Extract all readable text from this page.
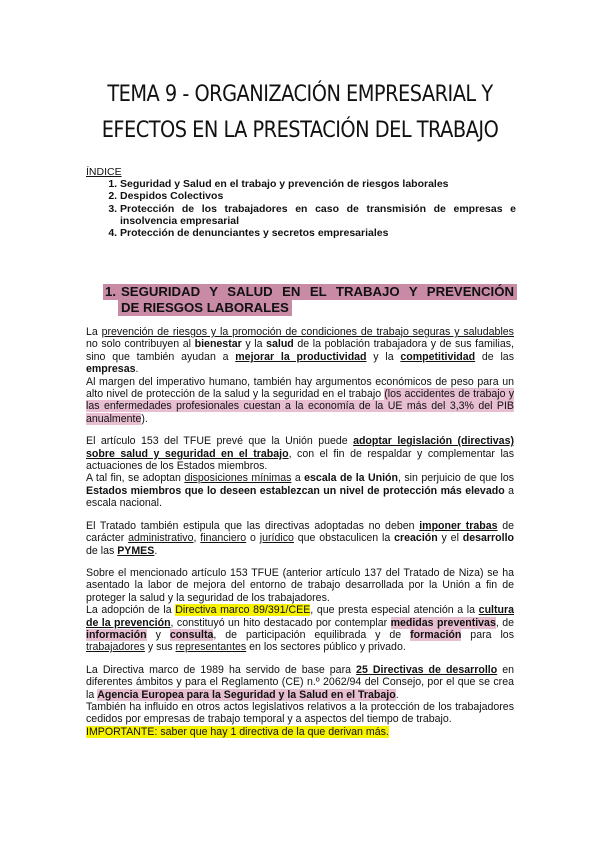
TEMA 9 - ORGANIZACIÓN EMPRESARIAL Y
EFECTOS EN LA PRESTACIÓN DEL TRABAJO
ÍNDICE
1. Seguridad y Salud en el trabajo y prevención de riesgos laborales
2. Despidos Colectivos
3. Protección de los trabajadores en caso de transmisión de empresas e insolvencia empresarial
4. Protección de denunciantes y secretos empresariales
1. SEGURIDAD Y SALUD EN EL TRABAJO Y PREVENCIÓN
DE RIESGOS LABORALES

La prevención de riesgos y la promoción de condiciones de trabajo seguras y saludables no solo contribuyen al bienestar y la salud de la población trabajadora y de sus familias, sino que también ayudan a mejorar la productividad y la competitividad de las empresas.

Al margen del imperativo humano, también hay argumentos económicos de peso para un alto nivel de protección de la salud y la seguridad en el trabajo (los accidentes de trabajo y las enfermedades profesionales cuestan a la economía de la UE más del 3,3% del PIB anualmente).

El artículo 153 del TFUE prevé que la Unión puede adoptar legislación (directivas) sobre salud y seguridad en el trabajo, con el fin de respaldar y complementar las actuaciones de los Estados miembros.

A tal fin, se adoptan disposiciones mínimas a escala de la Unión, sin perjuicio de que los Estados miembros que lo deseen establezcan un nivel de protección más elevado a escala nacional.

El Tratado también estipula que las directivas adoptadas no deben imponer trabas de carácter administrativo, financiero o jurídico que obstaculicen la creación y el desarrollo de las PYMES.

Sobre el mencionado artículo 153 TFUE (anterior artículo 137 del Tratado de Niza) se ha asentado la labor de mejora del entorno de trabajo desarrollada por la Unión a fin de proteger la salud y la seguridad de los trabajadores.

La adopción de la Directiva marco 89/391/CEE, que presta especial atención a la cultura de la prevención, constituyó un hito destacado por contemplar medidas preventivas, de información y consulta, de participación equilibrada y de formación para los trabajadores y sus representantes en los sectores público y privado.

La Directiva marco de 1989 ha servido de base para 25 Directivas de desarrollo en diferentes ámbitos y para el Reglamento (CE) n.º 2062/94 del Consejo, por el que se crea la Agencia Europea para la Seguridad y la Salud en el Trabajo.

También ha influido en otros actos legislativos relativos a la protección de los trabajadores cedidos por empresas de trabajo temporal y a aspectos del tiempo de trabajo.

IMPORTANTE: saber que hay 1 directiva de la que derivan más.
